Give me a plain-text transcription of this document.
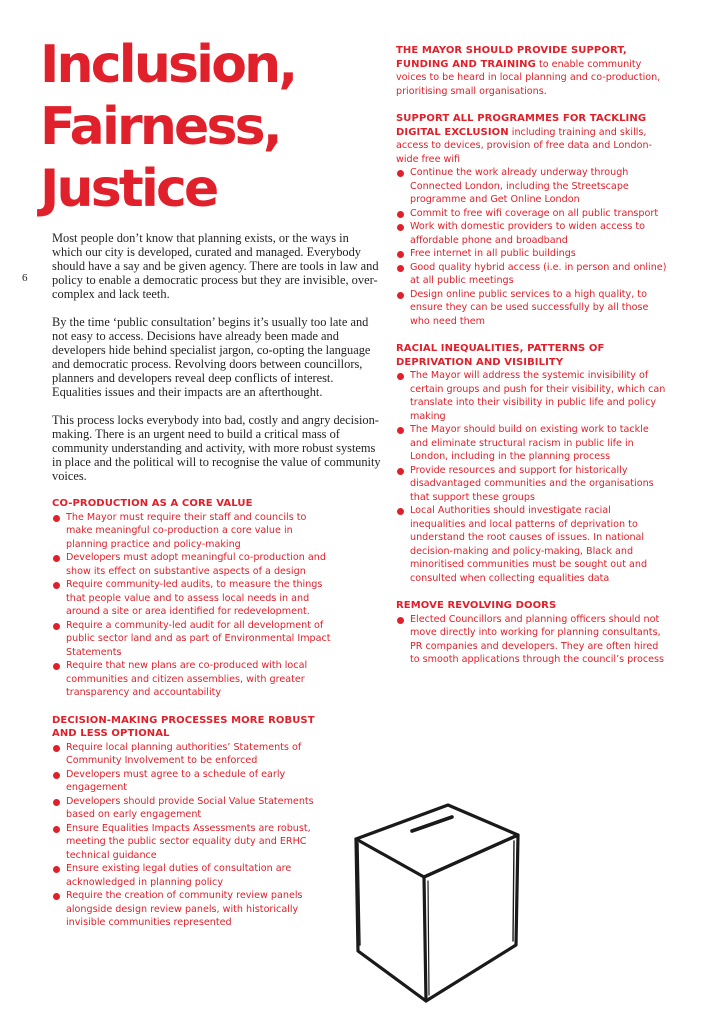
6
Inclusion,
Fairness,
Justice

Most people don’t know that planning exists, or the ways in which our city is developed, curated and managed. Everybody should have a say and be given agency. There are tools in law and policy to enable a democratic process but they are invisible, over-complex and lack teeth.

By the time ‘public consultation’ begins it’s usually too late and not easy to access. Decisions have already been made and developers hide behind specialist jargon, co-opting the language and democratic process. Revolving doors between councillors, planners and developers reveal deep conflicts of interest. Equalities issues and their impacts are an afterthought.

This process locks everybody into bad, costly and angry decision-making. There is an urgent need to build a critical mass of community understanding and activity, with more robust systems in place and the political will to recognise the value of community voices.

CO-PRODUCTION AS A CORE VALUE
The Mayor must require their staff and councils to make meaningful co-production a core value in planning practice and policy-making
Developers must adopt meaningful co-production and show its effect on substantive aspects of a design
Require community-led audits, to measure the things that people value and to assess local needs in and around a site or area identified for redevelopment.
Require a community-led audit for all development of public sector land and as part of Environmental Impact Statements
Require that new plans are co-produced with local communities and citizen assemblies, with greater transparency and accountability
DECISION-MAKING PROCESSES MORE ROBUST AND LESS OPTIONAL
Require local planning authorities’ Statements of Community Involvement to be enforced
Developers must agree to a schedule of early engagement
Developers should provide Social Value Statements based on early engagement
Ensure Equalities Impacts Assessments are robust, meeting the public sector equality duty and ERHC technical guidance
Ensure existing legal duties of consultation are acknowledged in planning policy
Require the creation of community review panels alongside design review panels, with historically invisible communities represented

THE MAYOR SHOULD PROVIDE SUPPORT, FUNDING AND TRAINING to enable community voices to be heard in local planning and co-production, prioritising small organisations.

SUPPORT ALL PROGRAMMES FOR TACKLING DIGITAL EXCLUSION including training and skills, access to devices, provision of free data and London-wide free wifi

Continue the work already underway through Connected London, including the Streetscape programme and Get Online London
Commit to free wifi coverage on all public transport
Work with domestic providers to widen access to affordable phone and broadband
Free internet in all public buildings
Good quality hybrid access (i.e. in person and online) at all public meetings
Design online public services to a high quality, to ensure they can be used successfully by all those who need them
RACIAL INEQUALITIES, PATTERNS OF DEPRIVATION AND VISIBILITY
The Mayor will address the systemic invisibility of certain groups and push for their visibility, which can translate into their visibility in public life and policy making
The Mayor should build on existing work to tackle and eliminate structural racism in public life in London, including in the planning process
Provide resources and support for historically disadvantaged communities and the organisations that support these groups
Local Authorities should investigate racial inequalities and local patterns of deprivation to understand the root causes of issues. In national decision-making and policy-making, Black and minoritised communities must be sought out and consulted when collecting equalities data
REMOVE REVOLVING DOORS
Elected Councillors and planning officers should not move directly into working for planning consultants, PR companies and developers. They are often hired to smooth applications through the council’s process
